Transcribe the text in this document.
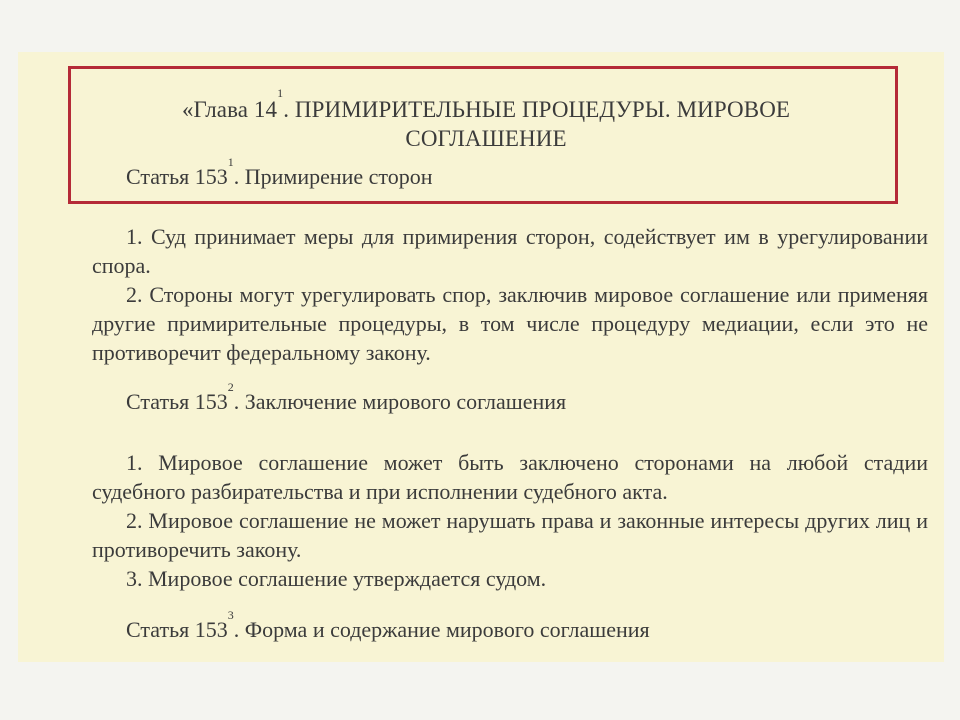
«Глава $14^1$. ПРИМИРИТЕЛЬНЫЕ ПРОЦЕДУРЫ. МИРОВОЕ
СОГЛАШЕНИЕ
Статья $153^1$. Примирение сторон
1. Суд принимает меры для примирения сторон, содействует им в урегулировании спора.
2. Стороны могут урегулировать спор, заключив мировое соглашение или применяя другие примирительные процедуры, в том числе процедуру медиации, если это не противоречит федеральному закону.
Статья $153^2$. Заключение мирового соглашения
1. Мировое соглашение может быть заключено сторонами на любой стадии судебного разбирательства и при исполнении судебного акта.
2. Мировое соглашение не может нарушать права и законные интересы других лиц и противоречить закону.
3. Мировое соглашение утверждается судом.
Статья $153^3$. Форма и содержание мирового соглашения
